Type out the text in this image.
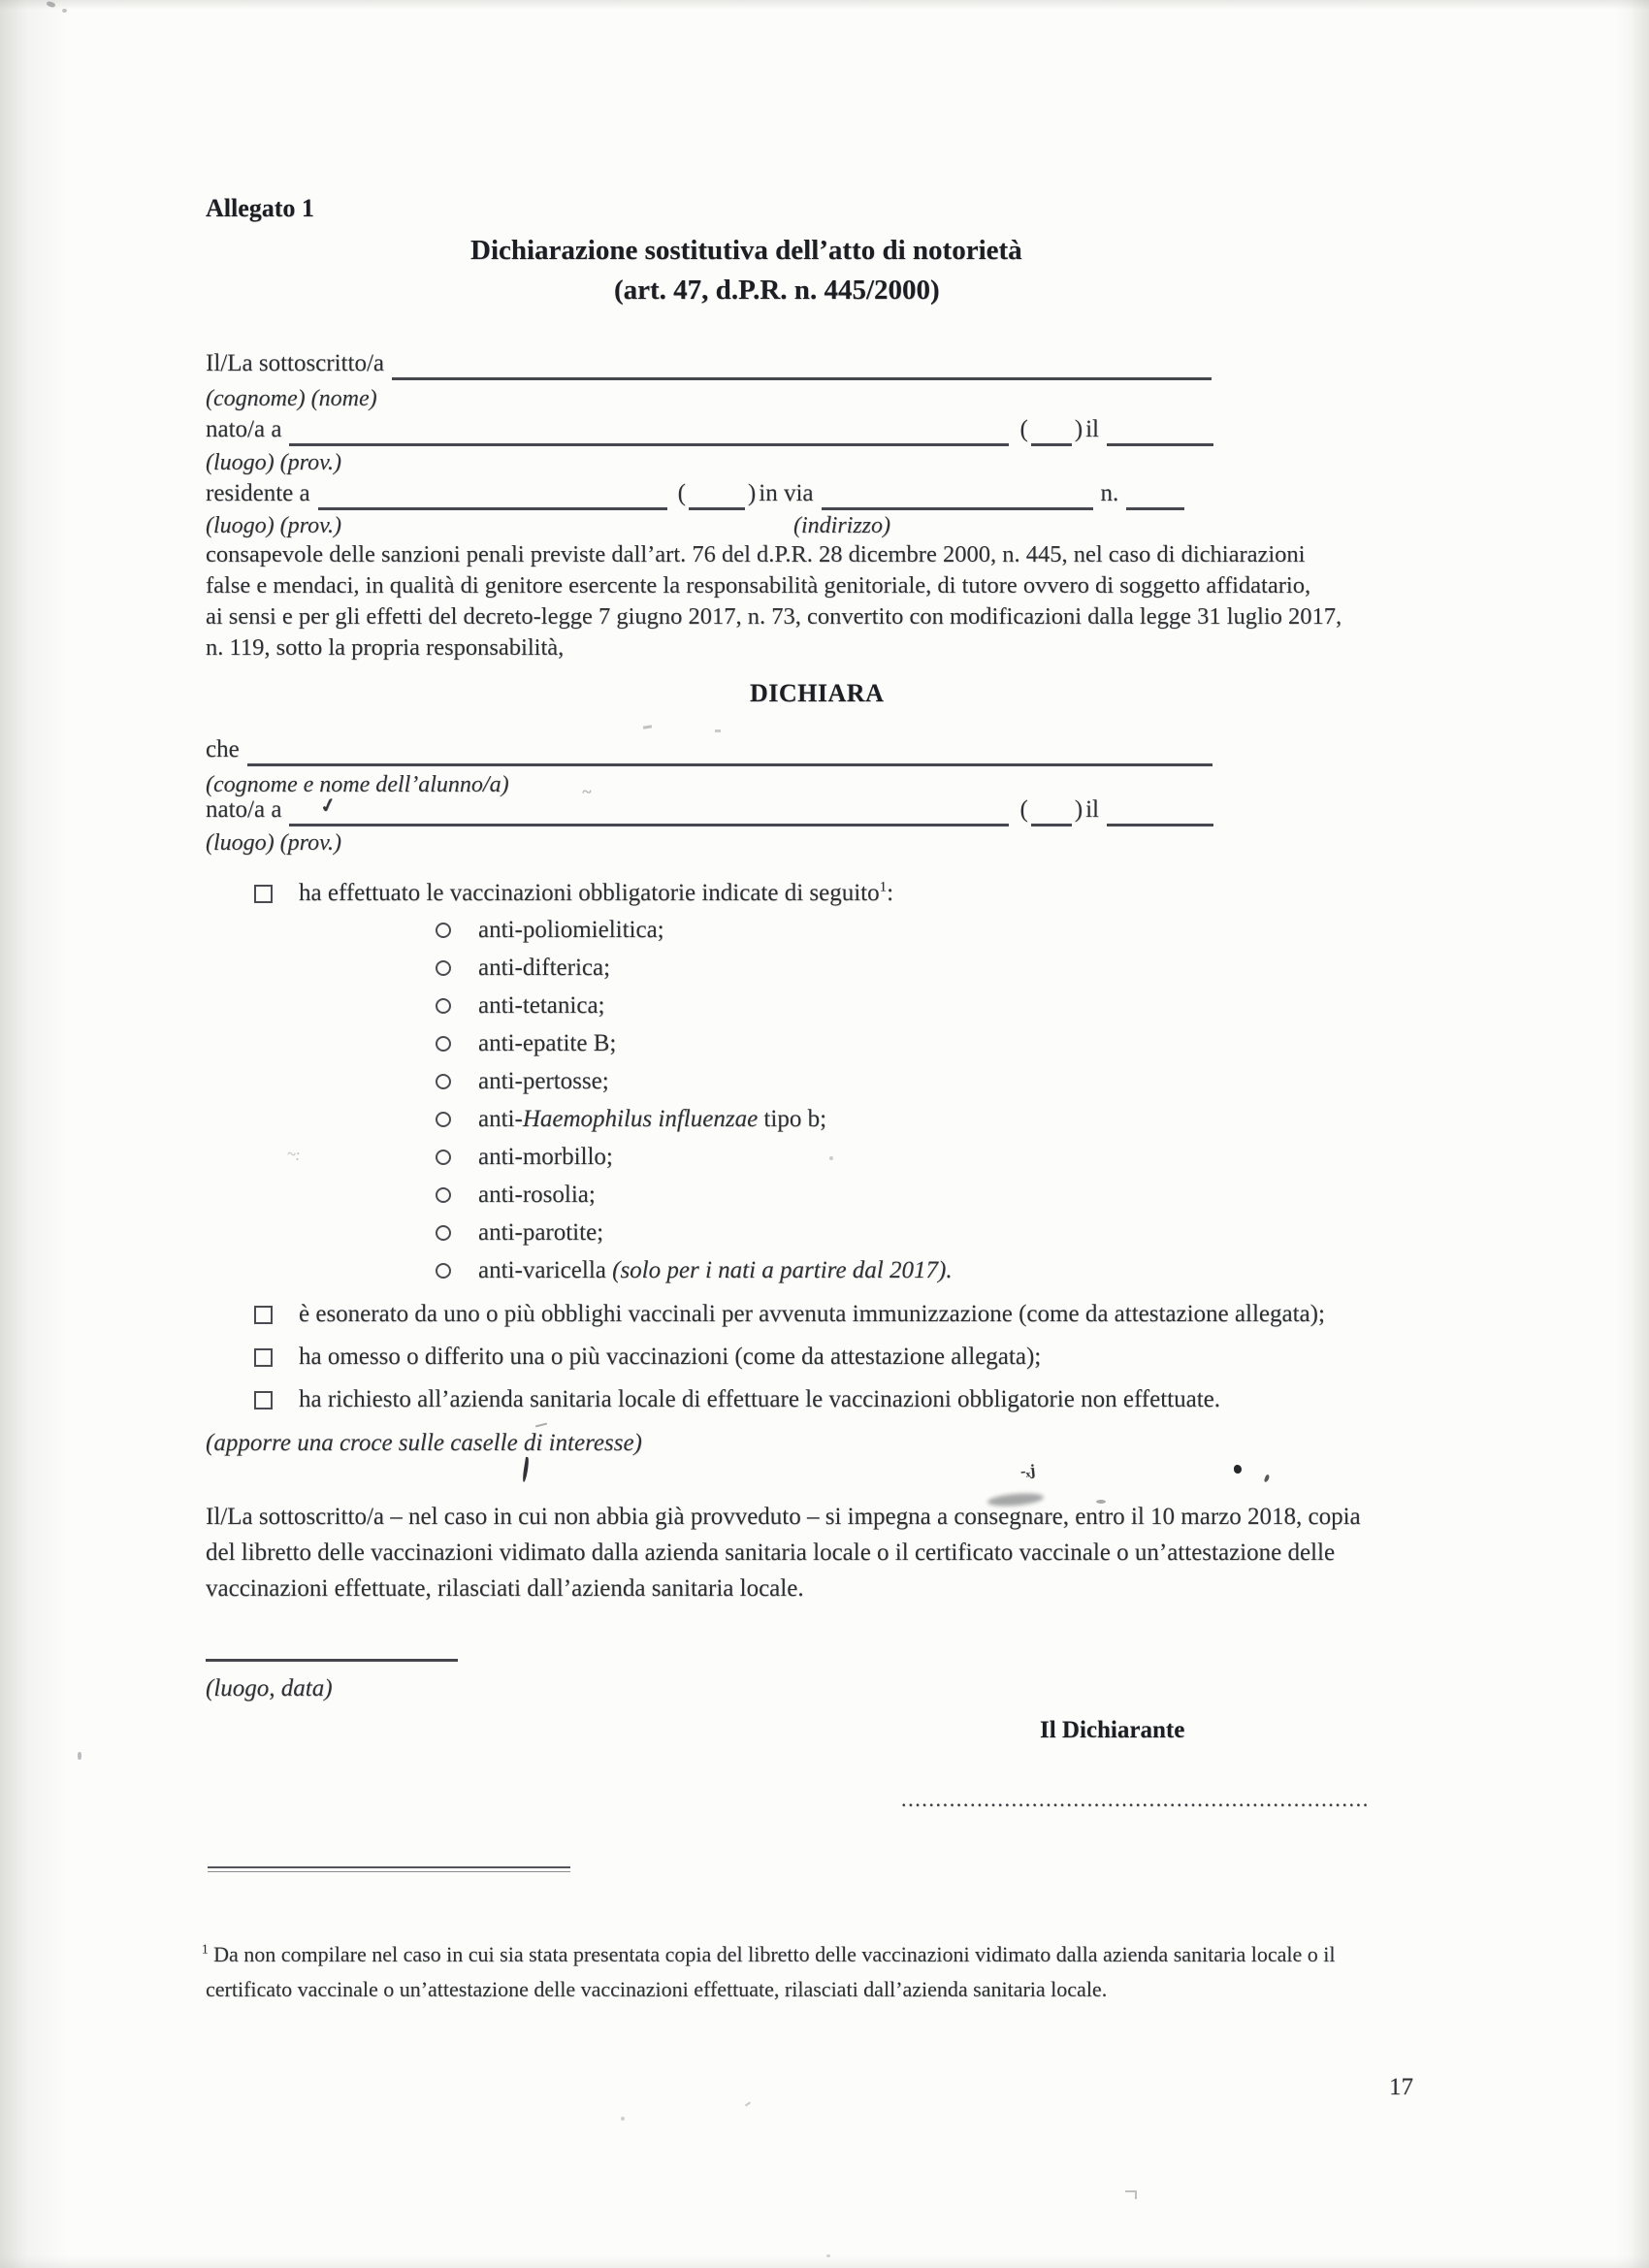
Allegato 1
Dichiarazione sostitutiva dell’atto di notorietà
(art. 47, d.P.R. n. 445/2000)
Il/La sottoscritto/a
(cognome) (nome)
nato/a a	( ) il
(luogo) (prov.)
residente a	(	) in via	n.
(luogo) (prov.)	(indirizzo)
consapevole delle sanzioni penali previste dall’art. 76 del d.P.R. 28 dicembre 2000, n. 445, nel caso di dichiarazioni
false e mendaci, in qualità di genitore esercente la responsabilità genitoriale, di tutore ovvero di soggetto affidatario,
ai sensi e per gli effetti del decreto-legge 7 giugno 2017, n. 73, convertito con modificazioni dalla legge 31 luglio 2017,
n. 119, sotto la propria responsabilità,
DICHIARA
che
(cognome e nome dell’alunno/a)
nato/a a	( ) il
(luogo) (prov.)
ha effettuato le vaccinazioni obbligatorie indicate di seguito$^1$:
anti-poliomielitica;
anti-difterica;
anti-tetanica;
anti-epatite B;
anti-pertosse;
anti-Haemophilus influenzae tipo b;
anti-morbillo;
anti-rosolia;
anti-parotite;
anti-varicella (solo per i nati a partire dal 2017).
è esonerato da uno o più obblighi vaccinali per avvenuta immunizzazione (come da attestazione allegata);
ha omesso o differito una o più vaccinazioni (come da attestazione allegata);
ha richiesto all’azienda sanitaria locale di effettuare le vaccinazioni obbligatorie non effettuate.
(apporre una croce sulle caselle di interesse)
Il/La sottoscritto/a – nel caso in cui non abbia già provveduto – si impegna a consegnare, entro il 10 marzo 2018, copia
del libretto delle vaccinazioni vidimato dalla azienda sanitaria locale o il certificato vaccinale o un’attestazione delle
vaccinazioni effettuate, rilasciati dall’azienda sanitaria locale.
(luogo, data)
Il Dichiarante
....................................................................
$^1$ Da non compilare nel caso in cui sia stata presentata copia del libretto delle vaccinazioni vidimato dalla azienda sanitaria locale o il
certificato vaccinale o un’attestazione delle vaccinazioni effettuate, rilasciati dall’azienda sanitaria locale.
17
✓
~
~:
-ₓϳ
